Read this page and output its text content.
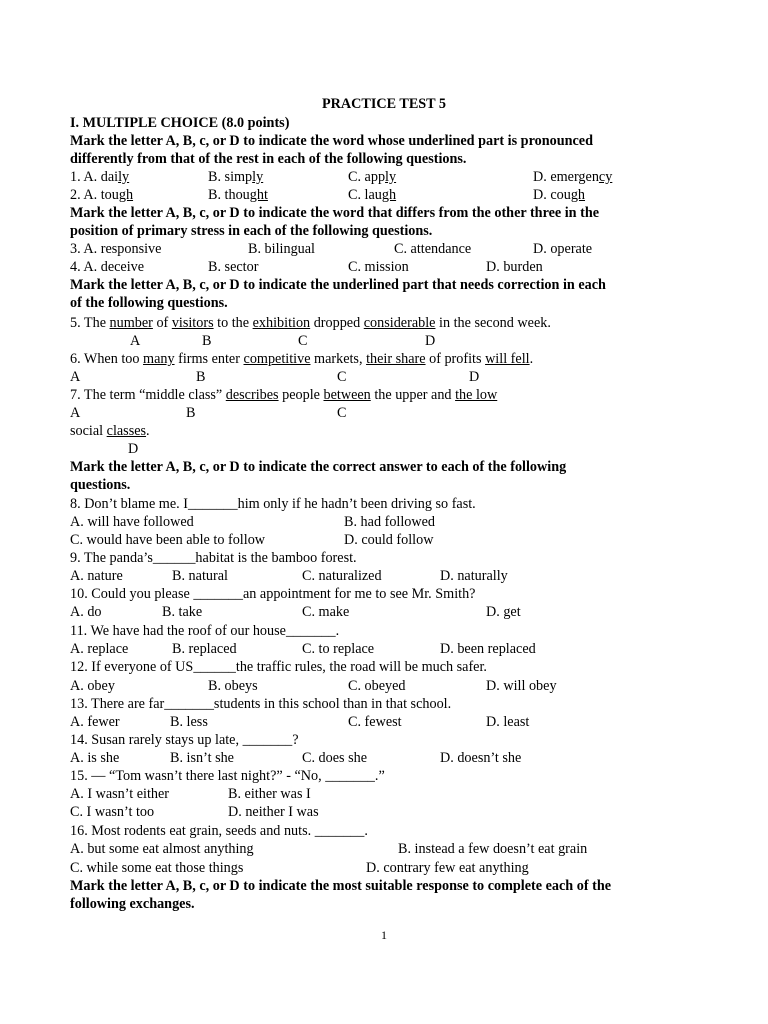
PRACTICE TEST 5
I. MULTIPLE CHOICE (8.0 points)
Mark the letter A, B, c, or D to indicate the word whose underlined part is pronounced
differently from that of the rest in each of the following questions.
1. A. daily	B. simply	C. apply	D. emergency
2. A. tough	B. thought	C. laugh	D. cough
Mark the letter A, B, c, or D to indicate the word that differs from the other three in the
position of primary stress in each of the following questions.
3. A. responsive	B. bilingual	C. attendance	D. operate
4. A. deceive	B. sector	C. mission	D. burden
Mark the letter A, B, c, or D to indicate the underlined part that needs correction in each
of the following questions.
5. The number of visitors to the exhibition dropped considerable in the second week.
A	B	C	D
6. When too many firms enter competitive markets, their share of profits will fell.
A	B	C	D
7. The term “middle class” describes people between the upper and the low
A	B	C
social classes.
D
Mark the letter A, B, c, or D to indicate the correct answer to each of the following
questions.
8. Don’t blame me. I_______him only if he hadn’t been driving so fast.
A. will have followed	B. had followed
C. would have been able to follow	D. could follow
9. The panda’s______habitat is the bamboo forest.
A. nature	B. natural	C. naturalized	D. naturally
10. Could you please _______an appointment for me to see Mr. Smith?
A. do	B. take	C. make	D. get
11. We have had the roof of our house_______.
A. replace	B. replaced	C. to replace	D. been replaced
12. If everyone of US______the traffic rules, the road will be much safer.
A. obey	B. obeys	C. obeyed	D. will obey
13. There are far_______students in this school than in that school.
A. fewer	B. less	C. fewest	D. least
14. Susan rarely stays up late, _______?
A. is she	B. isn’t she	C. does she	D. doesn’t she
15. — “Tom wasn’t there last night?” - “No, _______.”
A. I wasn’t either	B. either was I
C. I wasn’t too	D. neither I was
16. Most rodents eat grain, seeds and nuts. _______.
A. but some eat almost anything	B. instead a few doesn’t eat grain
C. while some eat those things	D. contrary few eat anything
Mark the letter A, B, c, or D to indicate the most suitable response to complete each of the
following exchanges.
1
